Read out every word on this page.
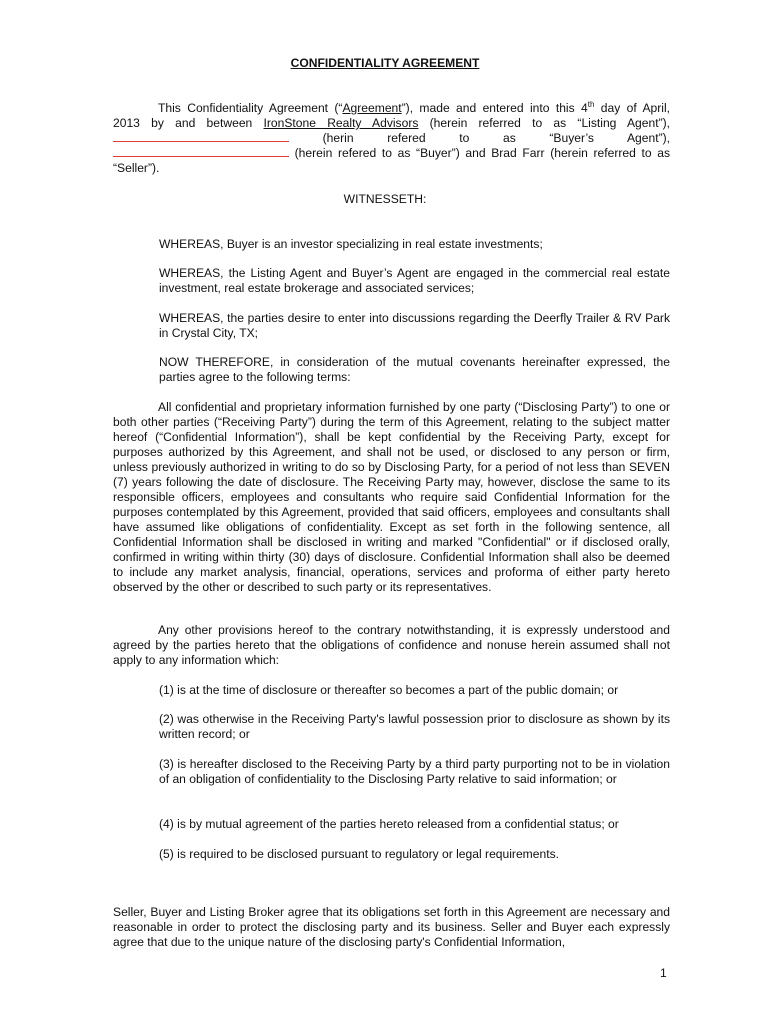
CONFIDENTIALITY AGREEMENT
This Confidentiality Agreement (“Agreement”), made and entered into this 4th day of April,
2013 by and between IronStone Realty Advisors (herein referred to as “Listing Agent”),
(herin refered to as “Buyer’s Agent”),
(herein refered to as “Buyer”) and Brad Farr (herein referred to as
“Seller”).
WITNESSETH:

WHEREAS, Buyer is an investor specializing in real estate investments;

WHEREAS, the Listing Agent and Buyer’s Agent are engaged in the commercial real estate investment, real estate brokerage and associated services;

WHEREAS, the parties desire to enter into discussions regarding the Deerfly Trailer & RV Park in Crystal City, TX;

NOW THEREFORE, in consideration of the mutual covenants hereinafter expressed, the parties agree to the following terms:

All confidential and proprietary information furnished by one party (“Disclosing Party”) to one or both other parties (“Receiving Party”) during the term of this Agreement, relating to the subject matter hereof (“Confidential Information”), shall be kept confidential by the Receiving Party, except for purposes authorized by this Agreement, and shall not be used, or disclosed to any person or firm, unless previously authorized in writing to do so by Disclosing Party, for a period of not less than SEVEN (7) years following the date of disclosure. The Receiving Party may, however, disclose the same to its responsible officers, employees and consultants who require said Confidential Information for the purposes contemplated by this Agreement, provided that said officers, employees and consultants shall have assumed like obligations of confidentiality. Except as set forth in the following sentence, all Confidential Information shall be disclosed in writing and marked "Confidential" or if disclosed orally, confirmed in writing within thirty (30) days of disclosure. Confidential Information shall also be deemed to include any market analysis, financial, operations, services and proforma of either party hereto observed by the other or described to such party or its representatives.

Any other provisions hereof to the contrary notwithstanding, it is expressly understood and agreed by the parties hereto that the obligations of confidence and nonuse herein assumed shall not apply to any information which:

(1) is at the time of disclosure or thereafter so becomes a part of the public domain; or

(2) was otherwise in the Receiving Party's lawful possession prior to disclosure as shown by its written record; or

(3) is hereafter disclosed to the Receiving Party by a third party purporting not to be in violation of an obligation of confidentiality to the Disclosing Party relative to said information; or

(4) is by mutual agreement of the parties hereto released from a confidential status; or

(5) is required to be disclosed pursuant to regulatory or legal requirements.

Seller, Buyer and Listing Broker agree that its obligations set forth in this Agreement are necessary and reasonable in order to protect the disclosing party and its business. Seller and Buyer each expressly agree that due to the unique nature of the disclosing party's Confidential Information,

1
